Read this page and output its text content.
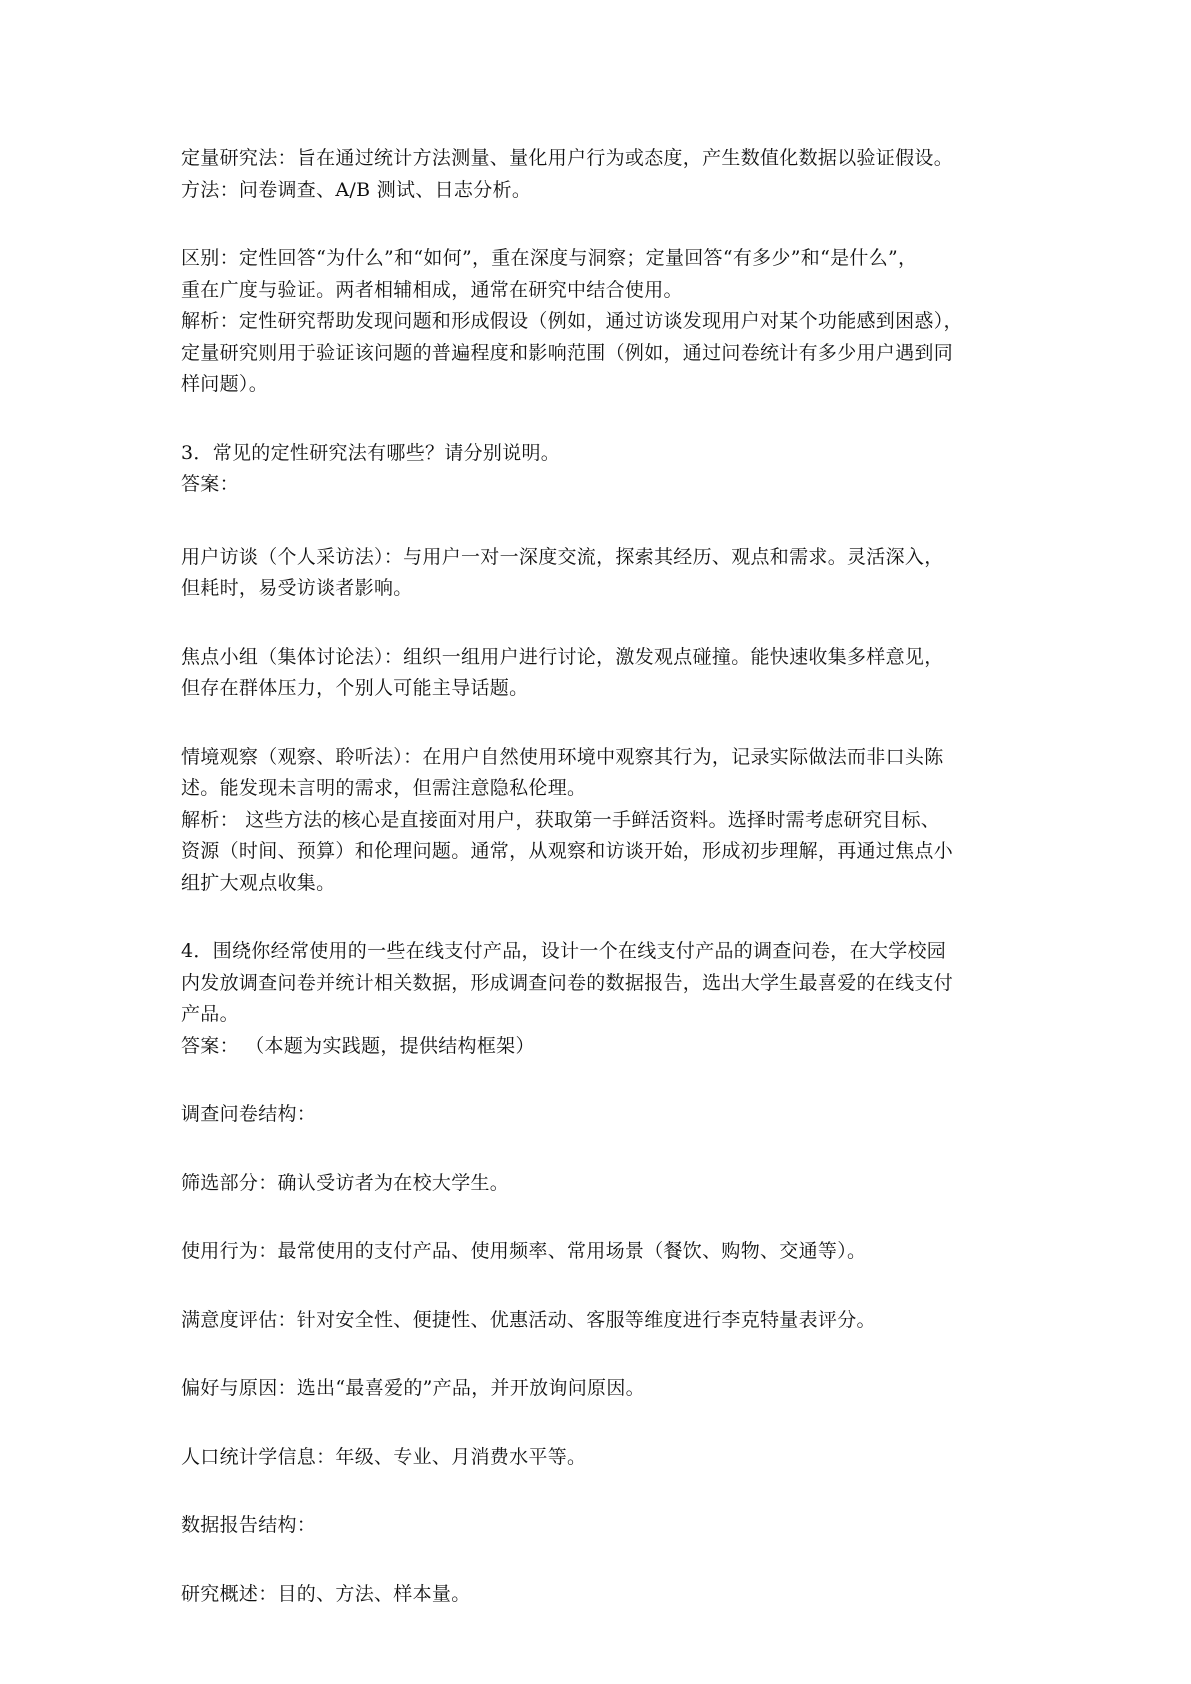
定量研究法：旨在通过统计方法测量、量化用户行为或态度，产生数值化数据以验证假设。
方法：问卷调查、A/B 测试、日志分析。
区别：定性回答“为什么”和“如何”，重在深度与洞察；定量回答“有多少”和“是什么”，
重在广度与验证。两者相辅相成，通常在研究中结合使用。
解析：定性研究帮助发现问题和形成假设（例如，通过访谈发现用户对某个功能感到困惑），
定量研究则用于验证该问题的普遍程度和影响范围（例如，通过问卷统计有多少用户遇到同
样问题）。
3．常见的定性研究法有哪些？请分别说明。
答案：
用户访谈（个人采访法）：与用户一对一深度交流，探索其经历、观点和需求。灵活深入，
但耗时，易受访谈者影响。
焦点小组（集体讨论法）：组织一组用户进行讨论，激发观点碰撞。能快速收集多样意见，
但存在群体压力，个别人可能主导话题。
情境观察（观察、聆听法）：在用户自然使用环境中观察其行为，记录实际做法而非口头陈
述。能发现未言明的需求，但需注意隐私伦理。
解析： 这些方法的核心是直接面对用户，获取第一手鲜活资料。选择时需考虑研究目标、
资源（时间、预算）和伦理问题。通常，从观察和访谈开始，形成初步理解，再通过焦点小
组扩大观点收集。
4．围绕你经常使用的一些在线支付产品，设计一个在线支付产品的调查问卷，在大学校园
内发放调查问卷并统计相关数据，形成调查问卷的数据报告，选出大学生最喜爱的在线支付
产品。
答案： （本题为实践题，提供结构框架）
调查问卷结构：
筛选部分：确认受访者为在校大学生。
使用行为：最常使用的支付产品、使用频率、常用场景（餐饮、购物、交通等）。
满意度评估：针对安全性、便捷性、优惠活动、客服等维度进行李克特量表评分。
偏好与原因：选出“最喜爱的”产品，并开放询问原因。
人口统计学信息：年级、专业、月消费水平等。
数据报告结构：
研究概述：目的、方法、样本量。
